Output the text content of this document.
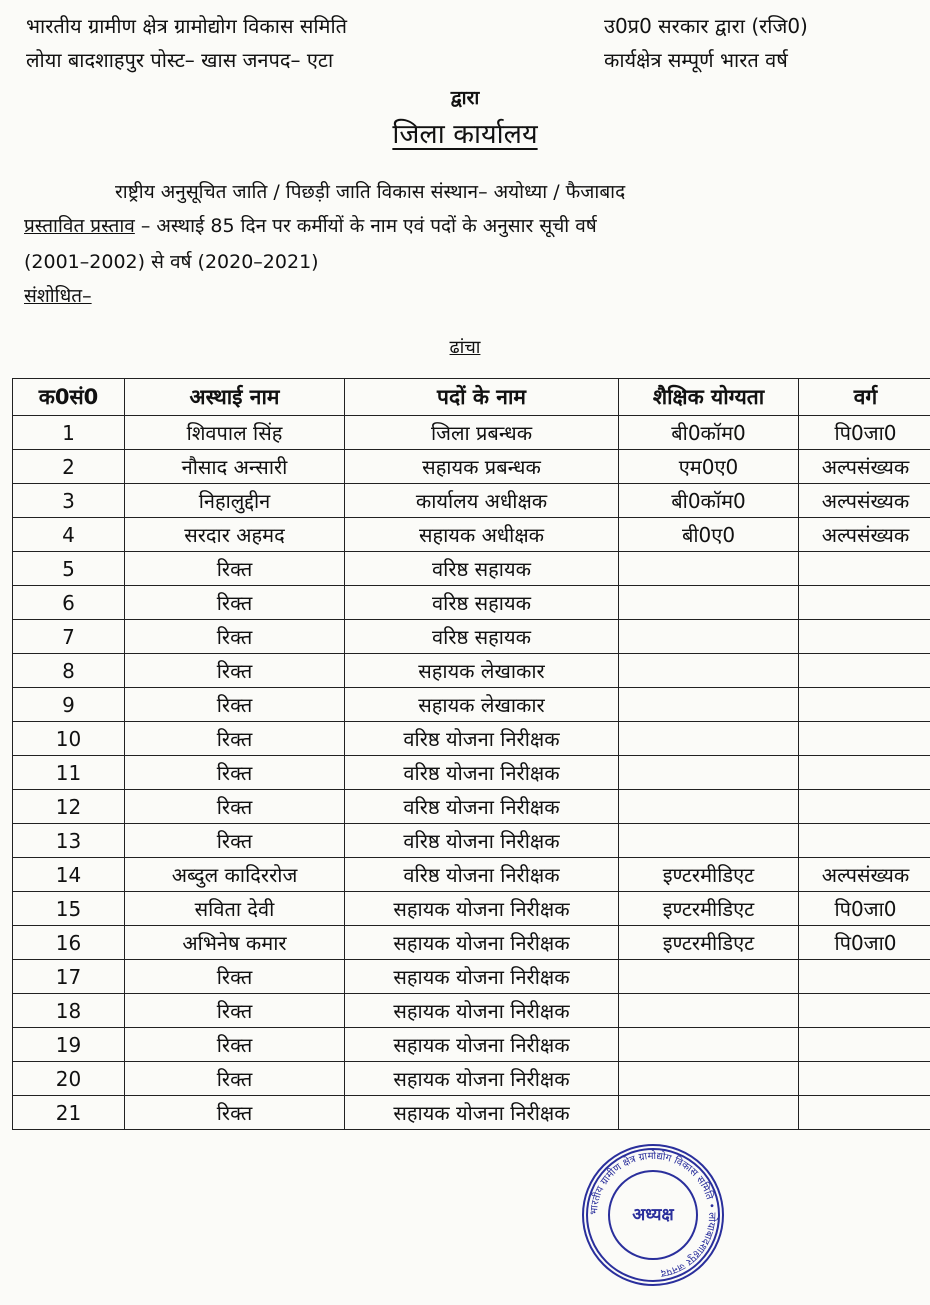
भारतीय ग्रामीण क्षेत्र ग्रामोद्योग विकास समिति
लोया बादशाहपुर पोस्ट– खास जनपद– एटा
उ0प्र0 सरकार द्वारा (रजि0)
कार्यक्षेत्र सम्पूर्ण भारत वर्ष
द्वारा
जिला कार्यालय
राष्ट्रीय अनुसूचित जाति / पिछड़ी जाति विकास संस्थान– अयोध्या / फैजाबाद
प्रस्तावित प्रस्ताव – अस्थाई 85 दिन पर कर्मीयों के नाम एवं पदों के अनुसार सूची वर्ष
(2001–2002) से वर्ष (2020–2021)
संशोधित–
ढांचा
क0सं0	अस्थाई नाम	पदों के नाम	शैक्षिक योग्यता	वर्ग
1	शिवपाल सिंह	जिला प्रबन्धक	बी0कॉम0	पि0जा0
2	नौसाद अन्सारी	सहायक प्रबन्धक	एम0ए0	अल्पसंख्यक
3	निहालुद्दीन	कार्यालय अधीक्षक	बी0कॉम0	अल्पसंख्यक
4	सरदार अहमद	सहायक अधीक्षक	बी0ए0	अल्पसंख्यक
5	रिक्त	वरिष्ठ सहायक		
6	रिक्त	वरिष्ठ सहायक		
7	रिक्त	वरिष्ठ सहायक		
8	रिक्त	सहायक लेखाकार		
9	रिक्त	सहायक लेखाकार		
10	रिक्त	वरिष्ठ योजना निरीक्षक		
11	रिक्त	वरिष्ठ योजना निरीक्षक		
12	रिक्त	वरिष्ठ योजना निरीक्षक		
13	रिक्त	वरिष्ठ योजना निरीक्षक		
14	अब्दुल कादिररोज	वरिष्ठ योजना निरीक्षक	इण्टरमीडिएट	अल्पसंख्यक
15	सविता देवी	सहायक योजना निरीक्षक	इण्टरमीडिएट	पि0जा0
16	अभिनेष कमार	सहायक योजना निरीक्षक	इण्टरमीडिएट	पि0जा0
17	रिक्त	सहायक योजना निरीक्षक		
18	रिक्त	सहायक योजना निरीक्षक		
19	रिक्त	सहायक योजना निरीक्षक		
20	रिक्त	सहायक योजना निरीक्षक		
21	रिक्त	सहायक योजना निरीक्षक		
भारतीय ग्रामीण क्षेत्र ग्रामोद्योग विकास समिति • लोयाबादशाहपुर जनपद
अध्यक्ष
